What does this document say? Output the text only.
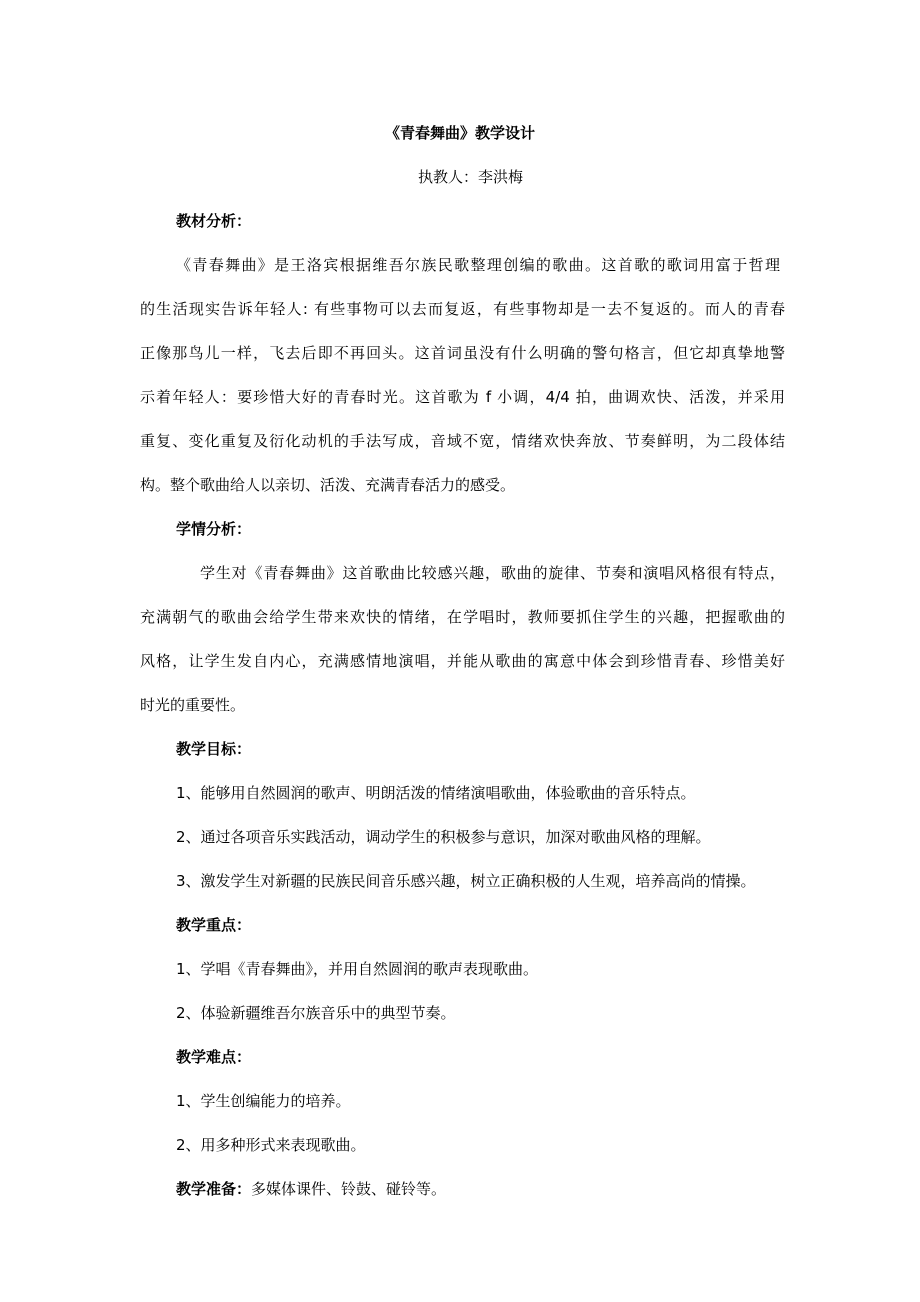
《青春舞曲》教学设计
执教人：李洪梅
教材分析：
《青春舞曲》是王洛宾根据维吾尔族民歌整理创编的歌曲。这首歌的歌词用富于哲理
的生活现实告诉年轻人: 有些事物可以去而复返，有些事物却是一去不复返的。而人的青春
正像那鸟儿一样，飞去后即不再回头。这首词虽没有什么明确的警句格言，但它却真挚地警
示着年轻人：要珍惜大好的青春时光。这首歌为 f 小调，4/4 拍，曲调欢快、活泼，并采用
重复、变化重复及衍化动机的手法写成，音域不宽，情绪欢快奔放、节奏鲜明，为二段体结
构。整个歌曲给人以亲切、活泼、充满青春活力的感受。
学情分析：
学生对《青春舞曲》这首歌曲比较感兴趣，歌曲的旋律、节奏和演唱风格很有特点，
充满朝气的歌曲会给学生带来欢快的情绪，在学唱时，教师要抓住学生的兴趣，把握歌曲的
风格，让学生发自内心，充满感情地演唱，并能从歌曲的寓意中体会到珍惜青春、珍惜美好
时光的重要性。
教学目标：
1、能够用自然圆润的歌声、明朗活泼的情绪演唱歌曲，体验歌曲的音乐特点。
2、通过各项音乐实践活动，调动学生的积极参与意识，加深对歌曲风格的理解。
3、激发学生对新疆的民族民间音乐感兴趣，树立正确积极的人生观，培养高尚的情操。
教学重点：
1、学唱《青春舞曲》，并用自然圆润的歌声表现歌曲。
2、体验新疆维吾尔族音乐中的典型节奏。
教学难点：
1、学生创编能力的培养。
2、用多种形式来表现歌曲。
教学准备：多媒体课件、铃鼓、碰铃等。
